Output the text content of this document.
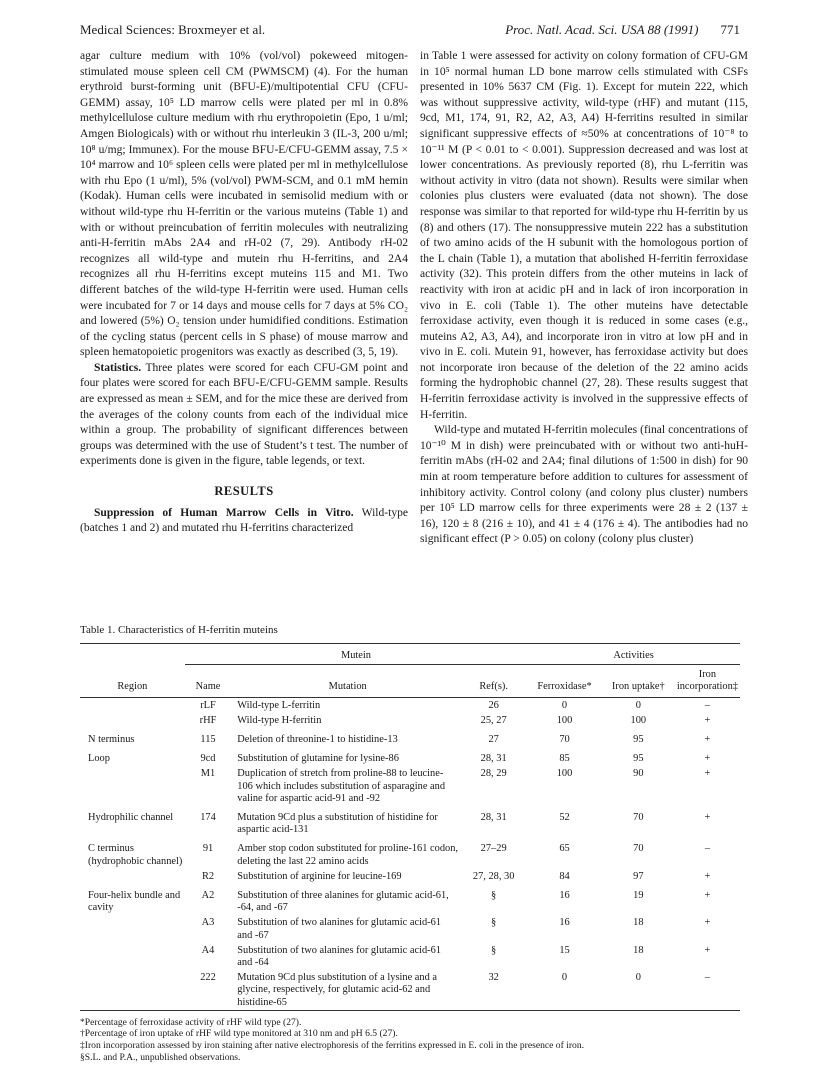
Medical Sciences: Broxmeyer et al.	Proc. Natl. Acad. Sci. USA 88 (1991) 771

agar culture medium with 10% (vol/vol) pokeweed mitogen-stimulated mouse spleen cell CM (PWMSCM) (4). For the human erythroid burst-forming unit (BFU-E)/multipotential CFU (CFU-GEMM) assay, 10⁵ LD marrow cells were plated per ml in 0.8% methylcellulose culture medium with rhu erythropoietin (Epo, 1 u/ml; Amgen Biologicals) with or without rhu interleukin 3 (IL-3, 200 u/ml; 10⁸ u/mg; Immunex). For the mouse BFU-E/CFU-GEMM assay, 7.5 × 10⁴ marrow and 10⁶ spleen cells were plated per ml in methylcellulose with rhu Epo (1 u/ml), 5% (vol/vol) PWM-SCM, and 0.1 mM hemin (Kodak). Human cells were incubated in semisolid medium with or without wild-type rhu H-ferritin or the various muteins (Table 1) and with or without preincubation of ferritin molecules with neutralizing anti-H-ferritin mAbs 2A4 and rH-02 (7, 29). Antibody rH-02 recognizes all wild-type and mutein rhu H-ferritins, and 2A4 recognizes all rhu H-ferritins except muteins 115 and M1. Two different batches of the wild-type H-ferritin were used. Human cells were incubated for 7 or 14 days and mouse cells for 7 days at 5% CO₂ and lowered (5%) O₂ tension under humidified conditions. Estimation of the cycling status (percent cells in S phase) of mouse marrow and spleen hematopoietic progenitors was exactly as described (3, 5, 19).

Statistics. Three plates were scored for each CFU-GM point and four plates were scored for each BFU-E/CFU-GEMM sample. Results are expressed as mean ± SEM, and for the mice these are derived from the averages of the colony counts from each of the individual mice within a group. The probability of significant differences between groups was determined with the use of Student’s t test. The number of experiments done is given in the figure, table legends, or text.

RESULTS

Suppression of Human Marrow Cells in Vitro. Wild-type (batches 1 and 2) and mutated rhu H-ferritins characterized

in Table 1 were assessed for activity on colony formation of CFU-GM in 10⁵ normal human LD bone marrow cells stimulated with CSFs presented in 10% 5637 CM (Fig. 1). Except for mutein 222, which was without suppressive activity, wild-type (rHF) and mutant (115, 9cd, M1, 174, 91, R2, A2, A3, A4) H-ferritins resulted in similar significant suppressive effects of ≈50% at concentrations of 10⁻⁸ to 10⁻¹¹ M (P < 0.01 to < 0.001). Suppression decreased and was lost at lower concentrations. As previously reported (8), rhu L-ferritin was without activity in vitro (data not shown). Results were similar when colonies plus clusters were evaluated (data not shown). The dose response was similar to that reported for wild-type rhu H-ferritin by us (8) and others (17). The nonsuppressive mutein 222 has a substitution of two amino acids of the H subunit with the homologous portion of the L chain (Table 1), a mutation that abolished H-ferritin ferroxidase activity (32). This protein differs from the other muteins in lack of reactivity with iron at acidic pH and in lack of iron incorporation in vivo in E. coli (Table 1). The other muteins have detectable ferroxidase activity, even though it is reduced in some cases (e.g., muteins A2, A3, A4), and incorporate iron in vitro at low pH and in vivo in E. coli. Mutein 91, however, has ferroxidase activity but does not incorporate iron because of the deletion of the 22 amino acids forming the hydrophobic channel (27, 28). These results suggest that H-ferritin ferroxidase activity is involved in the suppressive effects of H-ferritin.

Wild-type and mutated H-ferritin molecules (final concentrations of 10⁻¹⁰ M in dish) were preincubated with or without two anti-huH-ferritin mAbs (rH-02 and 2A4; final dilutions of 1:500 in dish) for 90 min at room temperature before addition to cultures for assessment of inhibitory activity. Control colony (and colony plus cluster) numbers per 10⁵ LD marrow cells for three experiments were 28 ± 2 (137 ± 16), 120 ± 8 (216 ± 10), and 41 ± 4 (176 ± 4). The antibodies had no significant effect (P > 0.05) on colony (colony plus cluster)

Table 1. Characteristics of H-ferritin muteins
	Mutein			Activities		
Region	Name	Mutation	Ref(s).	Ferroxidase*	Iron uptake†	Iron incorporation‡
	rLF	Wild-type L-ferritin	26	0	0	–
	rHF	Wild-type H-ferritin	25, 27	100	100	+
N terminus	115	Deletion of threonine-1 to histidine-13	27	70	95	+
Loop	9cd	Substitution of glutamine for lysine-86	28, 31	85	95	+
	M1	Duplication of stretch from proline-88 to leucine-106 which includes substitution of asparagine and valine for aspartic acid-91 and -92	28, 29	100	90	+
Hydrophilic channel	174	Mutation 9Cd plus a substitution of histidine for aspartic acid-131	28, 31	52	70	+
C terminus (hydrophobic channel)	91	Amber stop codon substituted for proline-161 codon, deleting the last 22 amino acids	27–29	65	70	–
	R2	Substitution of arginine for leucine-169	27, 28, 30	84	97	+
Four-helix bundle and cavity	A2	Substitution of three alanines for glutamic acid-61, -64, and -67	§	16	19	+
	A3	Substitution of two alanines for glutamic acid-61 and -67	§	16	18	+
	A4	Substitution of two alanines for glutamic acid-61 and -64	§	15	18	+
	222	Mutation 9Cd plus substitution of a lysine and a glycine, respectively, for glutamic acid-62 and histidine-65	32	0	0	–
*Percentage of ferroxidase activity of rHF wild type (27).
†Percentage of iron uptake of rHF wild type monitored at 310 nm and pH 6.5 (27).
‡Iron incorporation assessed by iron staining after native electrophoresis of the ferritins expressed in E. coli in the presence of iron.
§S.L. and P.A., unpublished observations.
